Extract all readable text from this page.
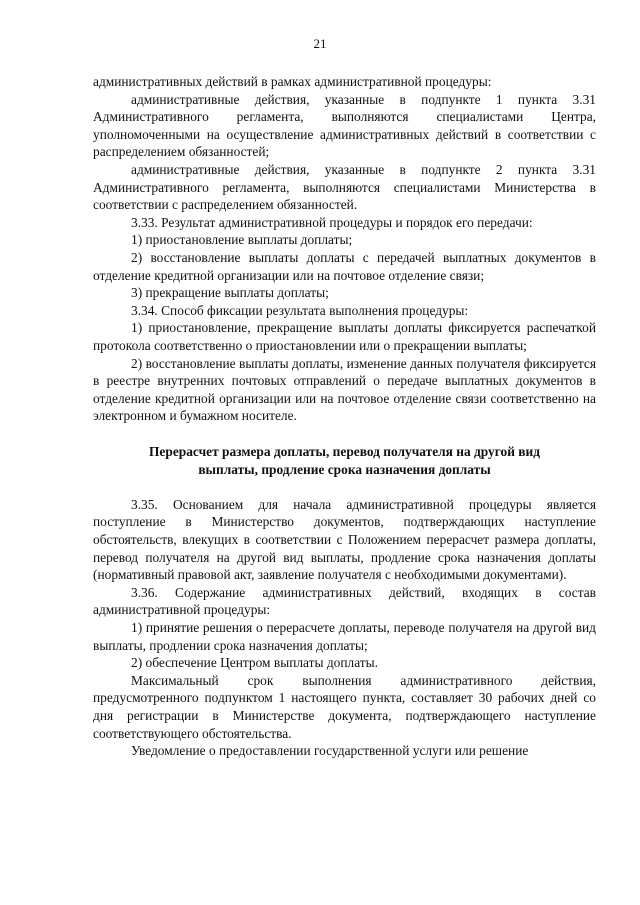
21

административных действий в рамках административной процедуры:

административные действия, указанные в подпункте 1 пункта 3.31 Административного регламента, выполняются специалистами Центра, уполномоченными на осуществление административных действий в соответствии с распределением обязанностей;

административные действия, указанные в подпункте 2 пункта 3.31 Административного регламента, выполняются специалистами Министерства в соответствии с распределением обязанностей.

3.33. Результат административной процедуры и порядок его передачи:

1) приостановление выплаты доплаты;

2) восстановление выплаты доплаты с передачей выплатных документов в отделение кредитной организации или на почтовое отделение связи;

3) прекращение выплаты доплаты;

3.34. Способ фиксации результата выполнения процедуры:

1) приостановление, прекращение выплаты доплаты фиксируется распечаткой протокола соответственно о приостановлении или о прекращении выплаты;

2) восстановление выплаты доплаты, изменение данных получателя фиксируется в реестре внутренних почтовых отправлений о передаче выплатных документов в отделение кредитной организации или на почтовое отделение связи соответственно на электронном и бумажном носителе.

Перерасчет размера доплаты, перевод получателя на другой вид
выплаты, продление срока назначения доплаты

3.35. Основанием для начала административной процедуры является поступление в Министерство документов, подтверждающих наступление обстоятельств, влекущих в соответствии с Положением перерасчет размера доплаты, перевод получателя на другой вид выплаты, продление срока назначения доплаты (нормативный правовой акт, заявление получателя с необходимыми документами).

3.36. Содержание административных действий, входящих в состав административной процедуры:

1) принятие решения о перерасчете доплаты, переводе получателя на другой вид выплаты, продлении срока назначения доплаты;

2) обеспечение Центром выплаты доплаты.

Максимальный срок выполнения административного действия, предусмотренного подпунктом 1 настоящего пункта, составляет 30 рабочих дней со дня регистрации в Министерстве документа, подтверждающего наступление соответствующего обстоятельства.

Уведомление о предоставлении государственной услуги или решение
